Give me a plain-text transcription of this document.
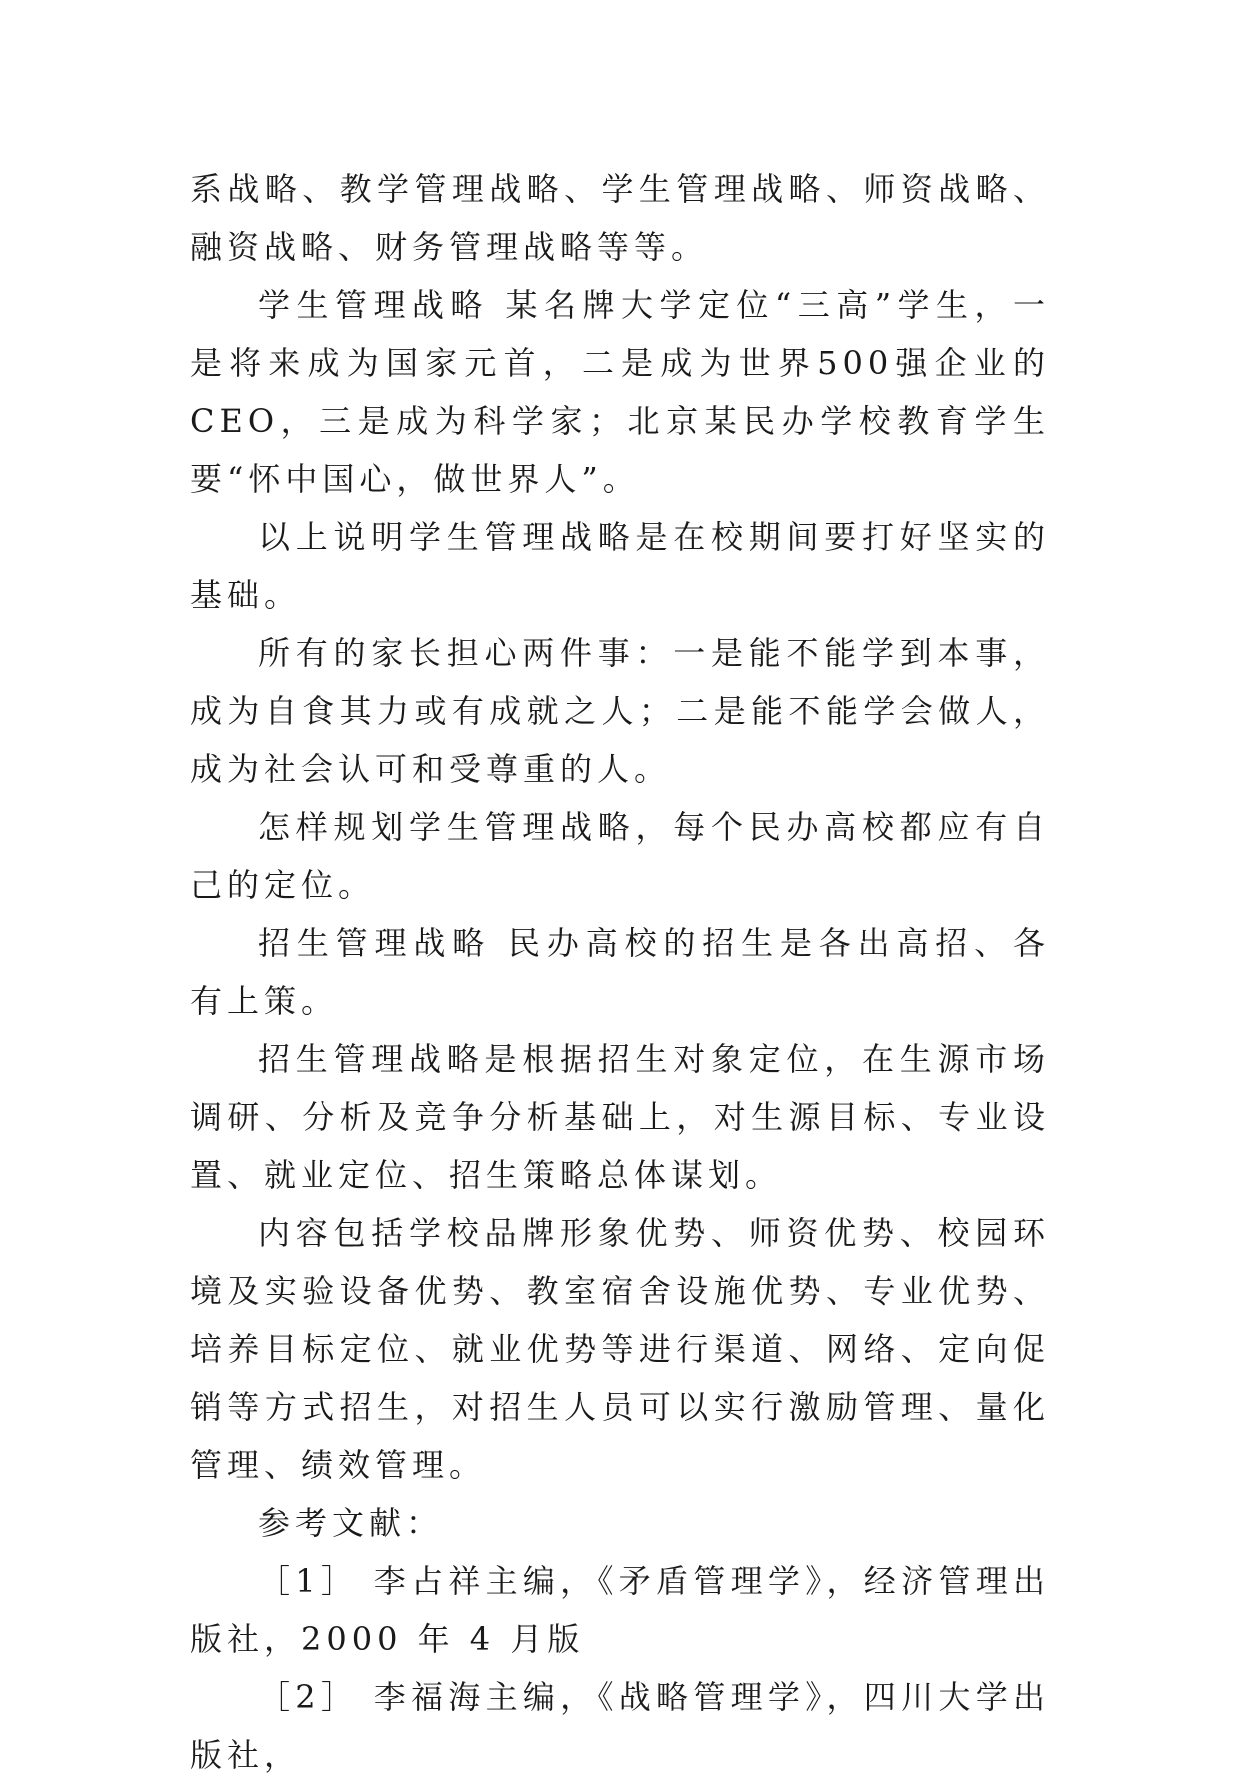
系战略、教学管理战略、学生管理战略、师资战略、融资战略、财务管理战略等等。

学生管理战略 某名牌大学定位“三高”学生，一是将来成为国家元首，二是成为世界500强企业的CEO，三是成为科学家；北京某民办学校教育学生要“怀中国心，做世界人”。

以上说明学生管理战略是在校期间要打好坚实的基础。

所有的家长担心两件事：一是能不能学到本事，成为自食其力或有成就之人；二是能不能学会做人，成为社会认可和受尊重的人。

怎样规划学生管理战略，每个民办高校都应有自己的定位。

招生管理战略 民办高校的招生是各出高招、各有上策。

招生管理战略是根据招生对象定位，在生源市场调研、分析及竞争分析基础上，对生源目标、专业设置、就业定位、招生策略总体谋划。

内容包括学校品牌形象优势、师资优势、校园环境及实验设备优势、教室宿舍设施优势、专业优势、培养目标定位、就业优势等进行渠道、网络、定向促销等方式招生，对招生人员可以实行激励管理、量化管理、绩效管理。

参考文献：

［1］ 李占祥主编，《矛盾管理学》，经济管理出版社，2000 年 4 月版

［2］ 李福海主编，《战略管理学》，四川大学出版社，
